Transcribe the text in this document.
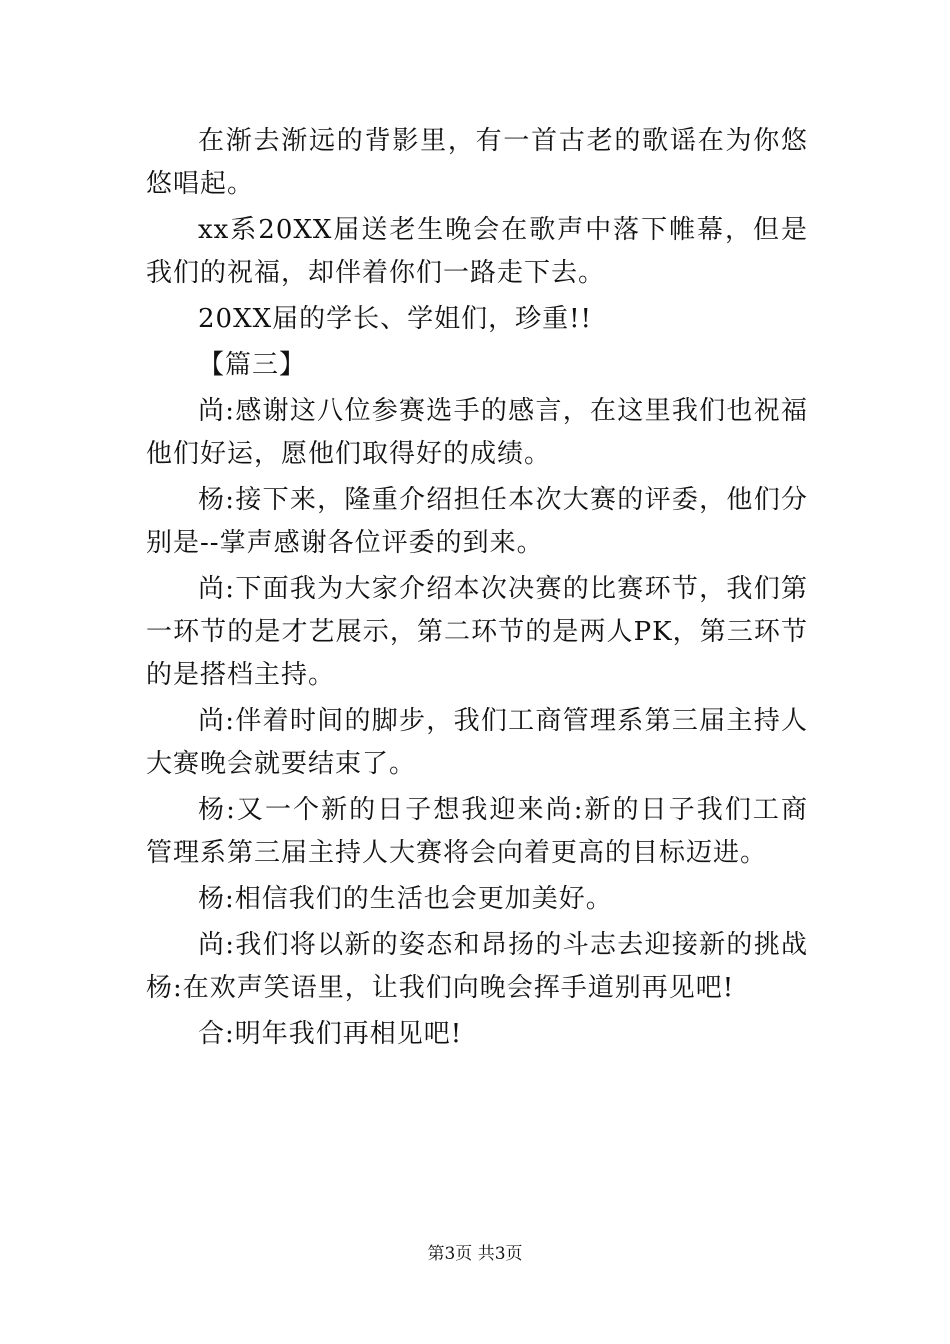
在渐去渐远的背影里，有一首古老的歌谣在为你悠悠唱起。

xx系20XX届送老生晚会在歌声中落下帷幕，但是我们的祝福，却伴着你们一路走下去。

20XX届的学长、学姐们，珍重!!

【篇三】

尚:感谢这八位参赛选手的感言，在这里我们也祝福他们好运，愿他们取得好的成绩。

杨:接下来，隆重介绍担任本次大赛的评委，他们分别是--掌声感谢各位评委的到来。

尚:下面我为大家介绍本次决赛的比赛环节，我们第一环节的是才艺展示，第二环节的是两人PK，第三环节的是搭档主持。

尚:伴着时间的脚步，我们工商管理系第三届主持人大赛晚会就要结束了。

杨:又一个新的日子想我迎来尚:新的日子我们工商管理系第三届主持人大赛将会向着更高的目标迈进。

杨:相信我们的生活也会更加美好。

尚:我们将以新的姿态和昂扬的斗志去迎接新的挑战杨:在欢声笑语里，让我们向晚会挥手道别再见吧!

合:明年我们再相见吧!

第3页 共3页
